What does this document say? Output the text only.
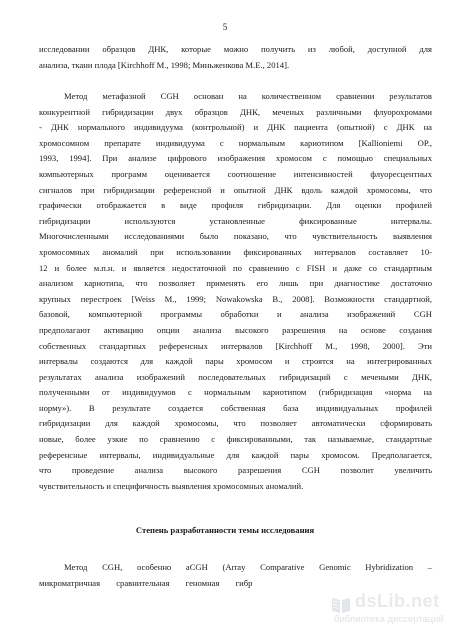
5
исследовании образцов ДНК, которые можно получить из любой, доступной для
анализа, ткани плода [Kirchhoff M., 1998; Миньженкова М.Е., 2014].
Метод метафазной CGH основан на количественном сравнении результатов
конкурентной гибридизации двух образцов ДНК, меченых различными флуорохромами
- ДНК нормального индивидуума (контрольной) и ДНК пациента (опытной) с ДНК на
хромосомном препарате индивидуума с нормальным кариотипом [Kallioniemi OP.,
1993, 1994]. При анализе цифрового изображения хромосом с помощью специальных
компьютерных программ оценивается соотношение интенсивностей флуоресцентных
сигналов при гибридизации референсной и опытной ДНК вдоль каждой хромосомы, что
графически отображается в виде профиля гибридизации. Для оценки профилей
гибридизации используются установленные фиксированные интервалы.
Многочисленными исследованиями было показано, что чувствительность выявления
хромосомных аномалий при использовании фиксированных интервалов составляет 10-
12 и более м.п.н. и является недостаточной по сравнению с FISH и даже со стандартным
анализом кариотипа, что позволяет применять его лишь при диагностике достаточно
крупных перестроек [Weiss M., 1999; Nowakowska B., 2008]. Возможности стандартной,
базовой, компьютерной программы обработки и анализа изображений CGH
предполагают активацию опции анализа высокого разрешения на основе создания
собственных стандартных референсных интервалов [Kirchhoff M., 1998, 2000]. Эти
интервалы создаются для каждой пары хромосом и строятся на интегрированных
результатах анализа изображений последовательных гибридизаций с мечеными ДНК,
полученными от индивидуумов с нормальным кариотипом (гибридизация «норма на
норму»). В результате создается собственная база индивидуальных профилей
гибридизации для каждой хромосомы, что позволяет автоматически сформировать
новые, более узкие по сравнению с фиксированными, так называемые, стандартные
референсные интервалы, индивидуальные для каждой пары хромосом. Предполагается,
что проведение анализа высокого разрешения CGH позволит увеличить
чувствительность и специфичность выявления хромосомных аномалий.
Степень разработанности темы исследования
Метод CGH, особенно aCGH (Array Comparative Genomic Hybridization –
микроматричная сравнительная геномная гибр
dsLib.net
библиотека диссертаций
